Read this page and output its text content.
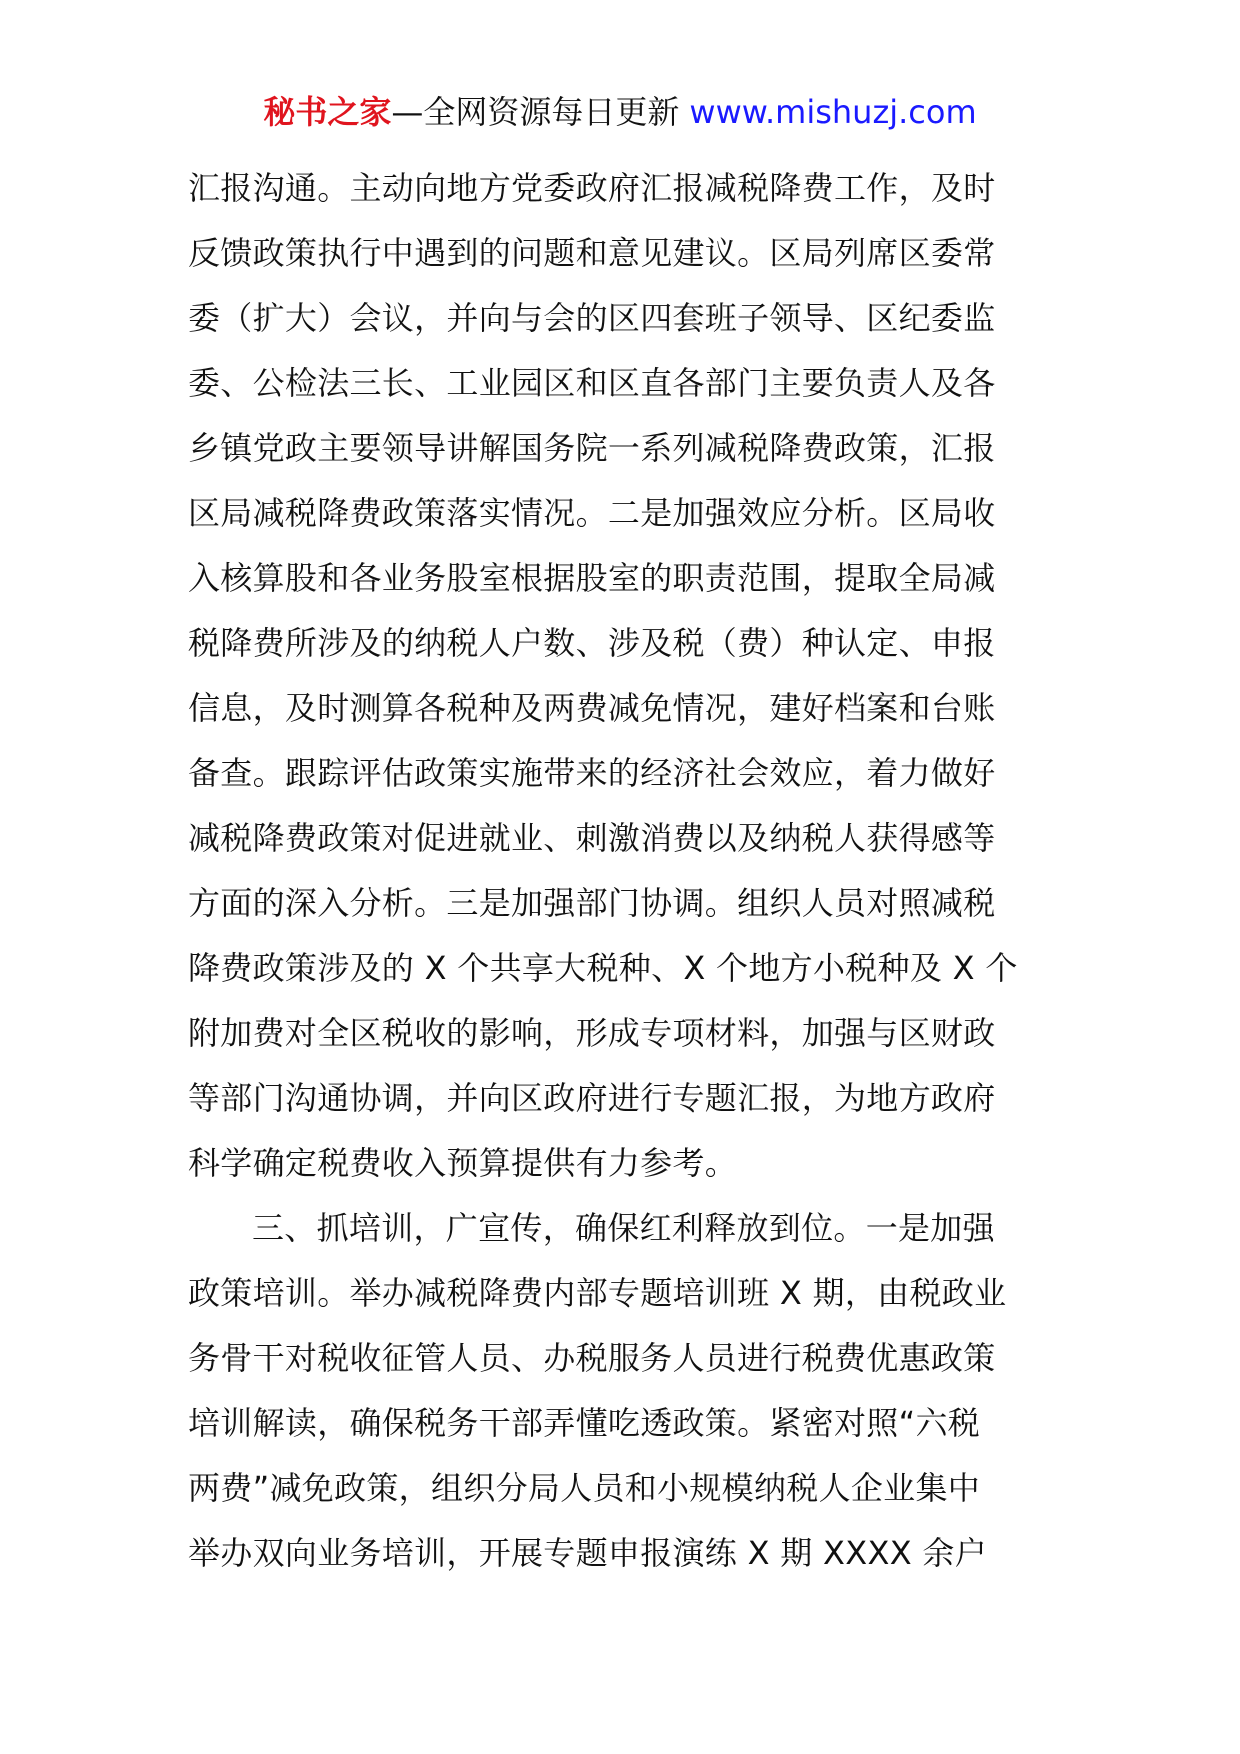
秘书之家—全网资源每日更新 www.mishuzj.com
汇报沟通。主动向地方党委政府汇报减税降费工作，及时
反馈政策执行中遇到的问题和意见建议。区局列席区委常
委（扩大）会议，并向与会的区四套班子领导、区纪委监
委、公检法三长、工业园区和区直各部门主要负责人及各
乡镇党政主要领导讲解国务院一系列减税降费政策，汇报
区局减税降费政策落实情况。二是加强效应分析。区局收
入核算股和各业务股室根据股室的职责范围，提取全局减
税降费所涉及的纳税人户数、涉及税（费）种认定、申报
信息，及时测算各税种及两费减免情况，建好档案和台账
备查。跟踪评估政策实施带来的经济社会效应，着力做好
减税降费政策对促进就业、刺激消费以及纳税人获得感等
方面的深入分析。三是加强部门协调。组织人员对照减税
降费政策涉及的 X 个共享大税种、X 个地方小税种及 X 个
附加费对全区税收的影响，形成专项材料，加强与区财政
等部门沟通协调，并向区政府进行专题汇报，为地方政府
科学确定税费收入预算提供有力参考。
三、抓培训，广宣传，确保红利释放到位。一是加强
政策培训。举办减税降费内部专题培训班 X 期，由税政业
务骨干对税收征管人员、办税服务人员进行税费优惠政策
培训解读，确保税务干部弄懂吃透政策。紧密对照“六税
两费”减免政策，组织分局人员和小规模纳税人企业集中
举办双向业务培训，开展专题申报演练 X 期 XXXX 余户
